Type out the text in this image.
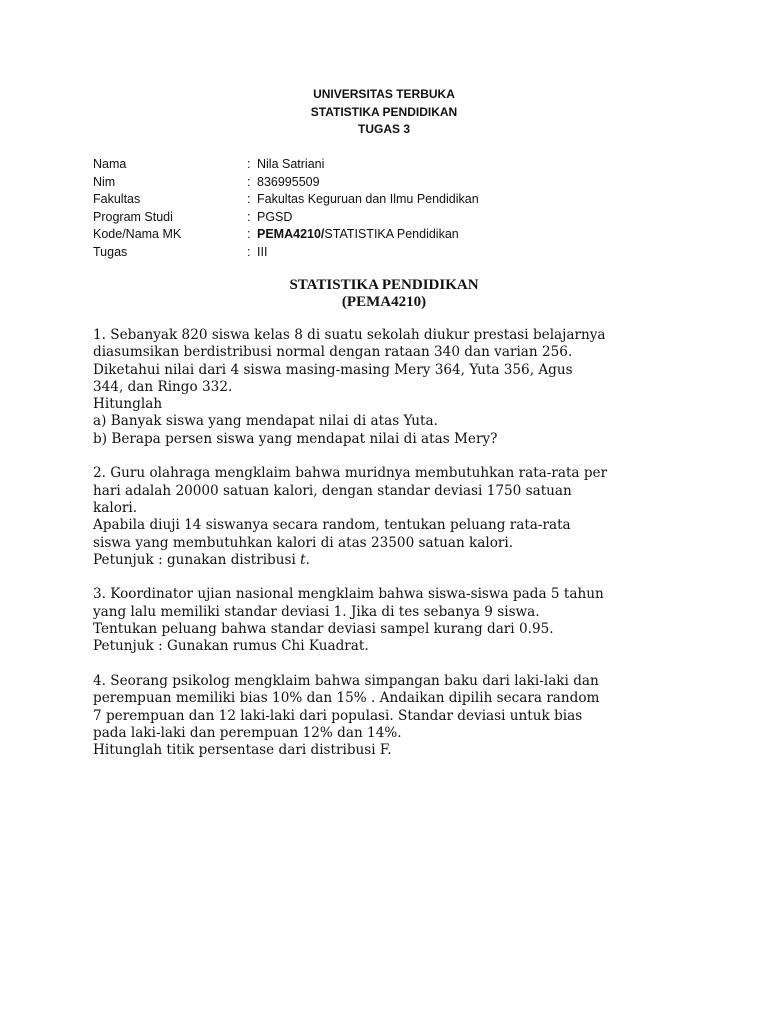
UNIVERSITAS TERBUKA
STATISTIKA PENDIDIKAN
TUGAS 3
Nama	: Nila Satriani
Nim	: 836995509
Fakultas	: Fakultas Keguruan dan Ilmu Pendidikan
Program Studi	: PGSD
Kode/Nama MK	: PEMA4210/STATISTIKA Pendidikan
Tugas	: III
STATISTIKA PENDIDIKAN
(PEMA4210)

1. Sebanyak 820 siswa kelas 8 di suatu sekolah diukur prestasi belajarnya

diasumsikan berdistribusi normal dengan rataan 340 dan varian 256.

Diketahui nilai dari 4 siswa masing-masing Mery 364, Yuta 356, Agus

344, dan Ringo 332.

Hitunglah

a) Banyak siswa yang mendapat nilai di atas Yuta.

b) Berapa persen siswa yang mendapat nilai di atas Mery?

2. Guru olahraga mengklaim bahwa muridnya membutuhkan rata-rata per

hari adalah 20000 satuan kalori, dengan standar deviasi 1750 satuan

kalori.

Apabila diuji 14 siswanya secara random, tentukan peluang rata-rata

siswa yang membutuhkan kalori di atas 23500 satuan kalori.

Petunjuk : gunakan distribusi t.

3. Koordinator ujian nasional mengklaim bahwa siswa-siswa pada 5 tahun

yang lalu memiliki standar deviasi 1. Jika di tes sebanya 9 siswa.

Tentukan peluang bahwa standar deviasi sampel kurang dari 0.95.

Petunjuk : Gunakan rumus Chi Kuadrat.

4. Seorang psikolog mengklaim bahwa simpangan baku dari laki-laki dan

perempuan memiliki bias 10% dan 15% . Andaikan dipilih secara random

7 perempuan dan 12 laki-laki dari populasi. Standar deviasi untuk bias

pada laki-laki dan perempuan 12% dan 14%.

Hitunglah titik persentase dari distribusi F.
